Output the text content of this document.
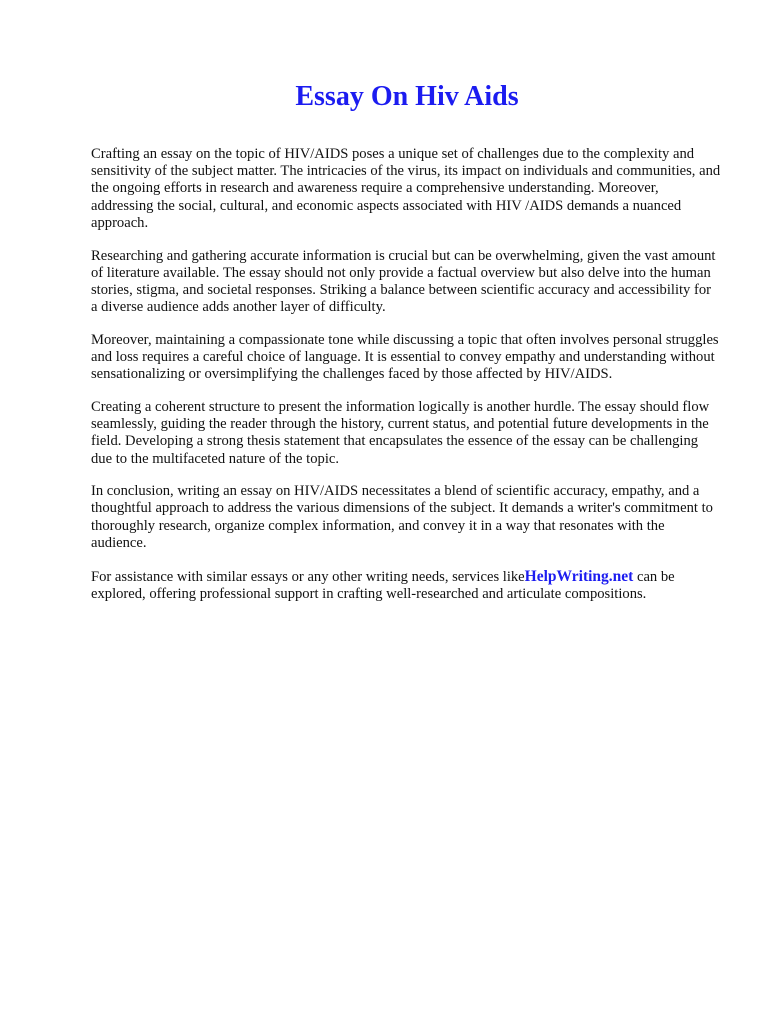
Essay On Hiv Aids

Crafting an essay on the topic of HIV/AIDS poses a unique set of challenges due to the complexity and sensitivity of the subject matter. The intricacies of the virus, its impact on individuals and communities, and the ongoing efforts in research and awareness require a comprehensive understanding. Moreover, addressing the social, cultural, and economic aspects associated with HIV /AIDS demands a nuanced approach.

Researching and gathering accurate information is crucial but can be overwhelming, given the vast amount of literature available. The essay should not only provide a factual overview but also delve into the human stories, stigma, and societal responses. Striking a balance between scientific accuracy and accessibility for a diverse audience adds another layer of difficulty.

Moreover, maintaining a compassionate tone while discussing a topic that often involves personal struggles and loss requires a careful choice of language. It is essential to convey empathy and understanding without sensationalizing or oversimplifying the challenges faced by those affected by HIV/AIDS.

Creating a coherent structure to present the information logically is another hurdle. The essay should flow seamlessly, guiding the reader through the history, current status, and potential future developments in the field. Developing a strong thesis statement that encapsulates the essence of the essay can be challenging due to the multifaceted nature of the topic.

In conclusion, writing an essay on HIV/AIDS necessitates a blend of scientific accuracy, empathy, and a thoughtful approach to address the various dimensions of the subject. It demands a writer's commitment to thoroughly research, organize complex information, and convey it in a way that resonates with the audience.

For assistance with similar essays or any other writing needs, services likeHelpWriting.net can be explored, offering professional support in crafting well-researched and articulate compositions.
